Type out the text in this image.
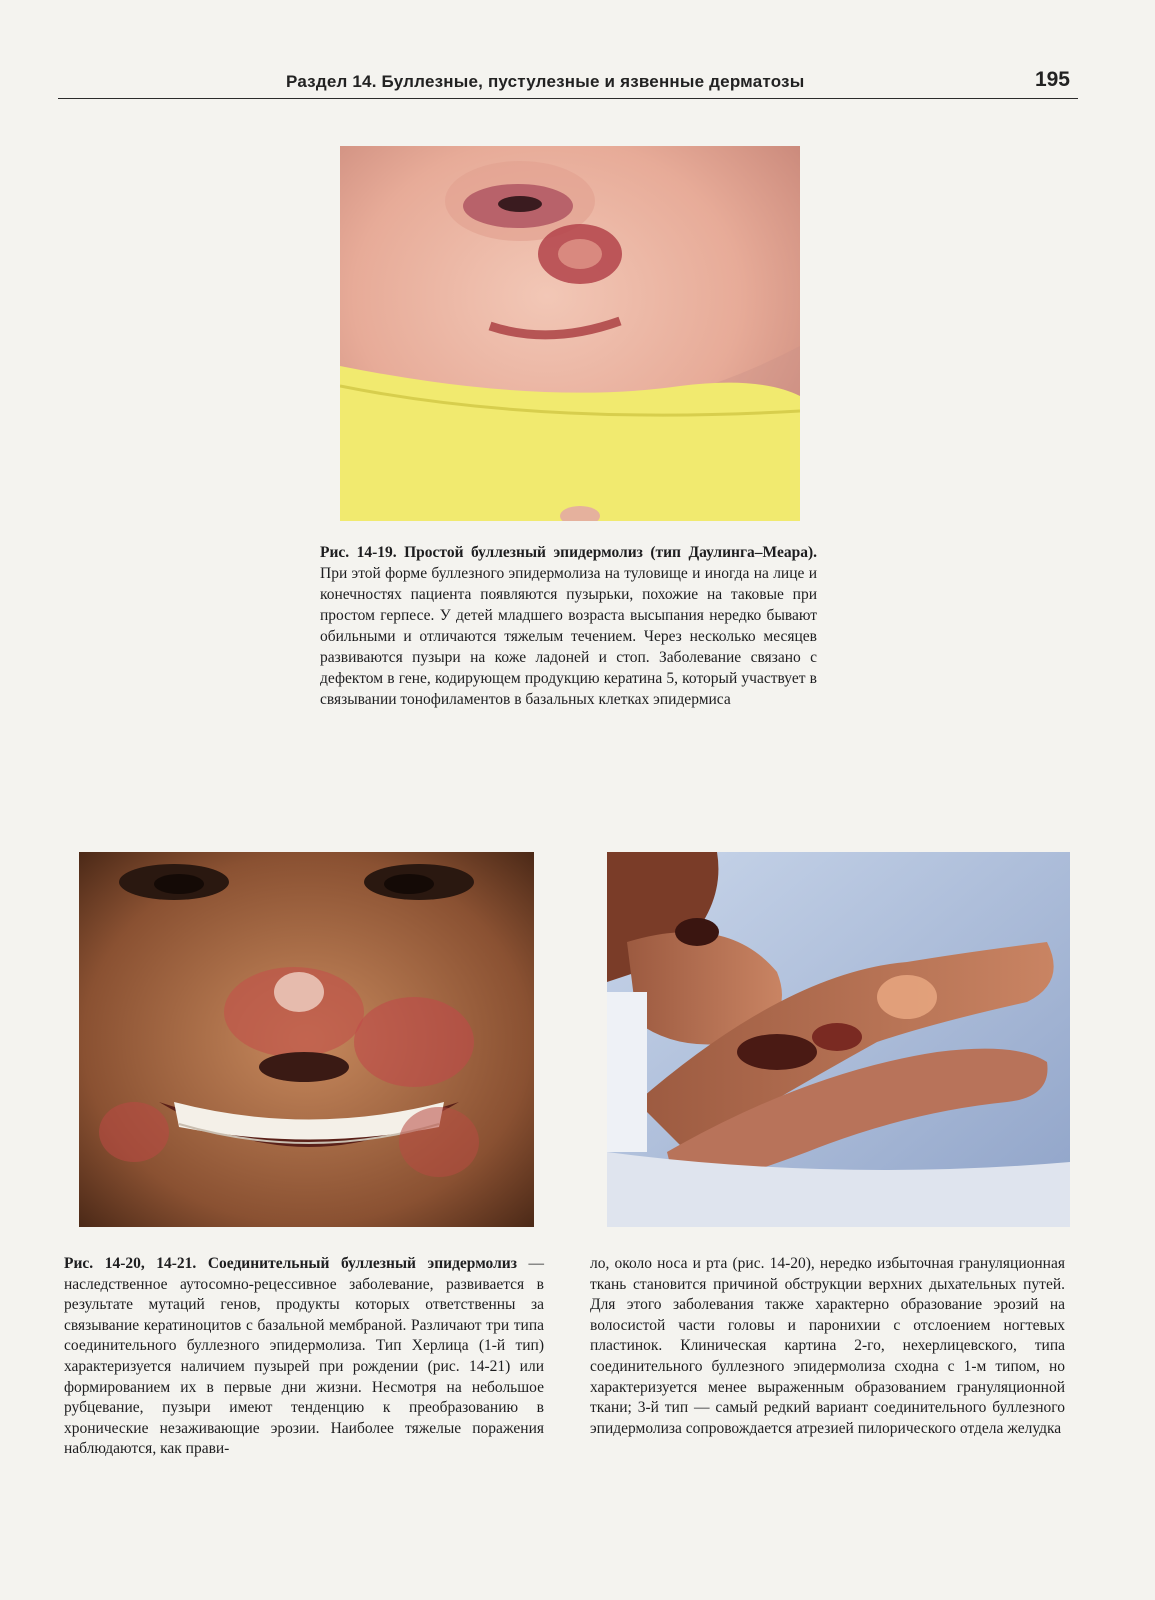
Раздел 14. Буллезные, пустулезные и язвенные дерматозы	195
Рис. 14-19. Простой буллезный эпидермолиз (тип Даулинга–Меара). При этой форме буллезного эпидермолиза на туловище и иногда на лице и конечностях пациента появляются пузырьки, похожие на таковые при простом герпесе. У детей младшего возраста высыпания нередко бывают обильными и отличаются тяжелым течением. Через несколько месяцев развиваются пузыри на коже ладоней и стоп. Заболевание связано с дефектом в гене, кодирующем продукцию кератина 5, который участвует в связывании тонофиламентов в базальных клетках эпидермиса
Рис. 14-20, 14-21. Соединительный буллезный эпидермолиз — наследственное аутосомно-рецессивное заболевание, развивается в результате мутаций генов, продукты которых ответственны за связывание кератиноцитов с базальной мембраной. Различают три типа соединительного буллезного эпидермолиза. Тип Херлица (1-й тип) характеризуется наличием пузырей при рождении (рис. 14-21) или формированием их в первые дни жизни. Несмотря на небольшое рубцевание, пузыри имеют тенденцию к преобразованию в хронические незаживающие эрозии. Наиболее тяжелые поражения наблюдаются, как прави-
ло, около носа и рта (рис. 14-20), нередко избыточная грануляционная ткань становится причиной обструкции верхних дыхательных путей. Для этого заболевания также характерно образование эрозий на волосистой части головы и паронихии с отслоением ногтевых пластинок. Клиническая картина 2-го, нехерлицевского, типа соединительного буллезного эпидермолиза сходна с 1-м типом, но характеризуется менее выраженным образованием грануляционной ткани; 3-й тип — самый редкий вариант соединительного буллезного эпидермолиза сопровождается атрезией пилорического отдела желудка
